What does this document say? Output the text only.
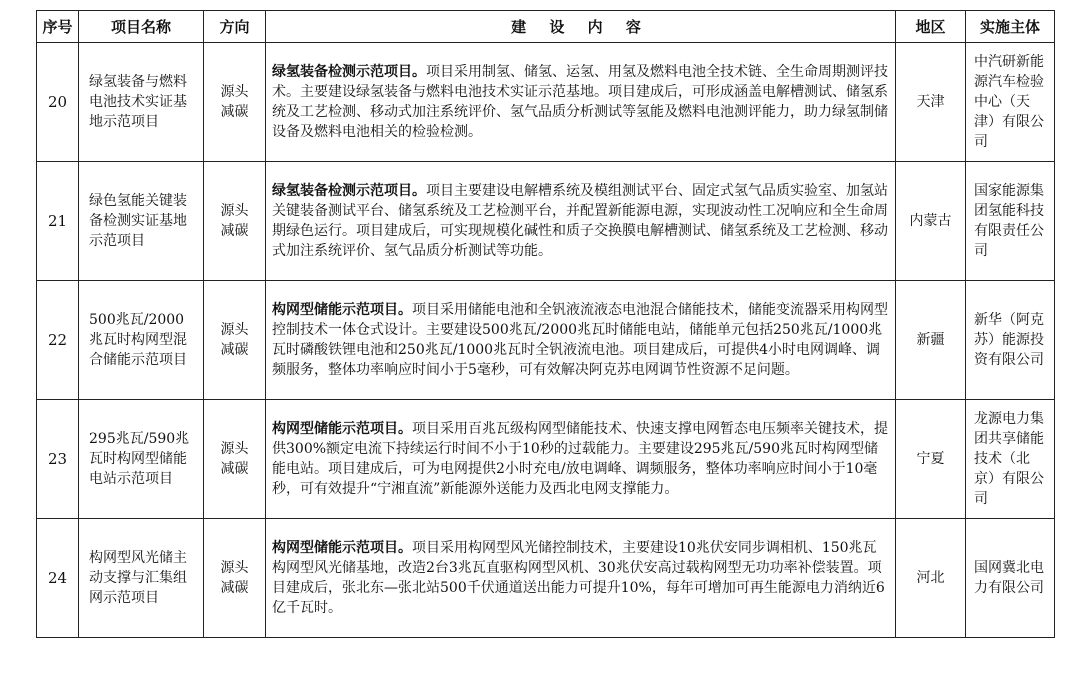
序号	项目名称	方向	建 设 内 容	地区	实施主体
20	绿氢装备与燃料电池技术实证基地示范项目	源头减碳	绿氢装备检测示范项目。项目采用制氢、储氢、运氢、用氢及燃料电池全技术链、全生命周期测评技术。主要建设绿氢装备与燃料电池技术实证示范基地。项目建成后，可形成涵盖电解槽测试、储氢系统及工艺检测、移动式加注系统评价、氢气品质分析测试等氢能及燃料电池测评能力，助力绿氢制储设备及燃料电池相关的检验检测。	天津	中汽研新能源汽车检验中心（天津）有限公司
21	绿色氢能关键装备检测实证基地示范项目	源头减碳	绿氢装备检测示范项目。项目主要建设电解槽系统及模组测试平台、固定式氢气品质实验室、加氢站关键装备测试平台、储氢系统及工艺检测平台，并配置新能源电源，实现波动性工况响应和全生命周期绿色运行。项目建成后，可实现规模化碱性和质子交换膜电解槽测试、储氢系统及工艺检测、移动式加注系统评价、氢气品质分析测试等功能。	内蒙古	国家能源集团氢能科技有限责任公司
22	500兆瓦/2000兆瓦时构网型混合储能示范项目	源头减碳	构网型储能示范项目。项目采用储能电池和全钒液流液态电池混合储能技术，储能变流器采用构网型控制技术一体仓式设计。主要建设500兆瓦/2000兆瓦时储能电站，储能单元包括250兆瓦/1000兆瓦时磷酸铁锂电池和250兆瓦/1000兆瓦时全钒液流电池。项目建成后，可提供4小时电网调峰、调频服务，整体功率响应时间小于5毫秒，可有效解决阿克苏电网调节性资源不足问题。	新疆	新华（阿克苏）能源投资有限公司
23	295兆瓦/590兆瓦时构网型储能电站示范项目	源头减碳	构网型储能示范项目。项目采用百兆瓦级构网型储能技术、快速支撑电网暂态电压频率关键技术，提供300%额定电流下持续运行时间不小于10秒的过载能力。主要建设295兆瓦/590兆瓦时构网型储能电站。项目建成后，可为电网提供2小时充电/放电调峰、调频服务，整体功率响应时间小于10毫秒，可有效提升“宁湘直流”新能源外送能力及西北电网支撑能力。	宁夏	龙源电力集团共享储能技术（北京）有限公司
24	构网型风光储主动支撑与汇集组网示范项目	源头减碳	构网型储能示范项目。项目采用构网型风光储控制技术，主要建设10兆伏安同步调相机、150兆瓦构网型风光储基地，改造2台3兆瓦直驱构网型风机、30兆伏安高过载构网型无功功率补偿装置。项目建成后，张北东—张北站500千伏通道送出能力可提升10%，每年可增加可再生能源电力消纳近6亿千瓦时。	河北	国网冀北电力有限公司
